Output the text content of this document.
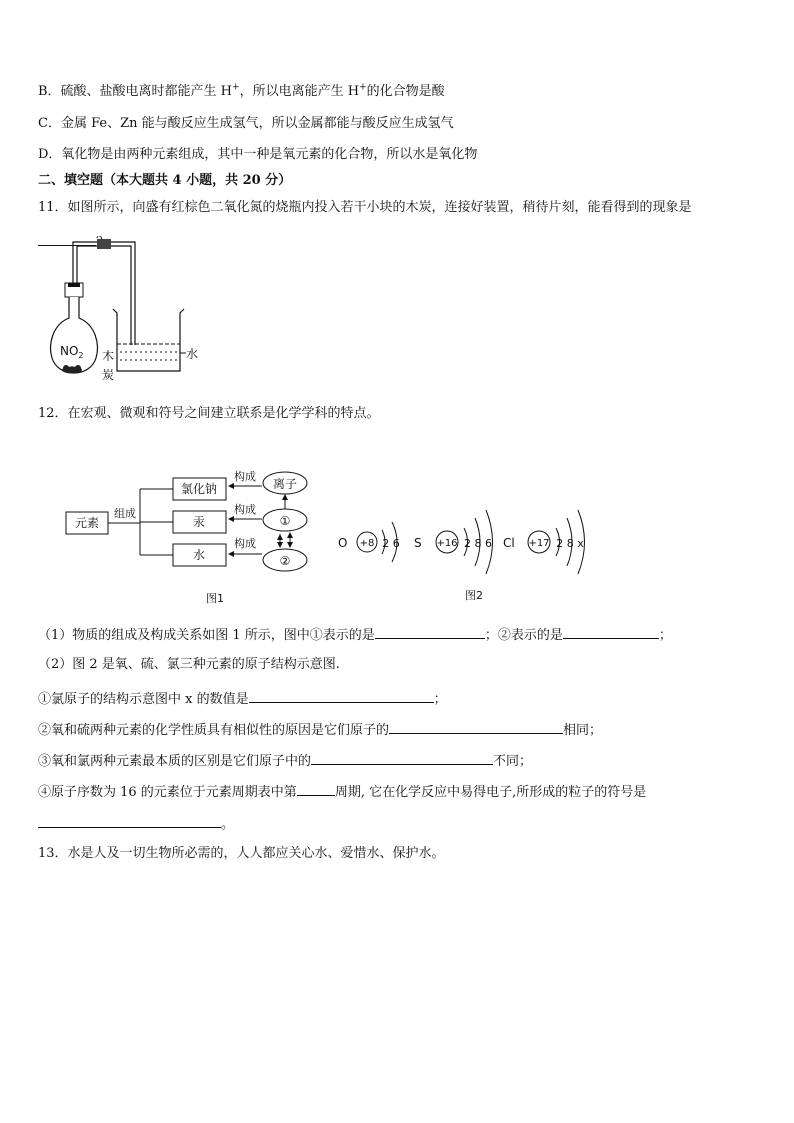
B．硫酸、盐酸电离时都能产生 H+，所以电离能产生 H+的化合物是酸
C．金属 Fe、Zn 能与酸反应生成氢气，所以金属都能与酸反应生成氢气
D．氧化物是由两种元素组成，其中一种是氧元素的化合物，所以水是氧化物
二、填空题（本大题共 4 小题，共 20 分）
11．如图所示，向盛有红棕色二氧化氮的烧瓶内投入若干小块的木炭，连接好装置，稍待片刻，能看得到的现象是
$NO_2$ 木
炭
水
12．在宏观、微观和符号之间建立联系是化学学科的特点。
元素
组成
氯化钠
汞
水
构成
构成
构成
离子
①
②
图1
O +8 2 6 S +16 2 8 6 Cl +17 2 8 x
图2
（1）物质的组成及构成关系如图 1 所示，图中①表示的是	；②表示的是	；
（2）图 2 是氧、硫、氯三种元素的原子结构示意图.
①氯原子的结构示意图中 x 的数值是	；
②氧和硫两种元素的化学性质具有相似性的原因是它们原子的	相同；
③氧和氯两种元素最本质的区别是它们原子中的	不同；
④原子序数为 16 的元素位于元素周期表中第	周期, 它在化学反应中易得电子,所形成的粒子的符号是
。
13．水是人及一切生物所必需的，人人都应关心水、爱惜水、保护水。
